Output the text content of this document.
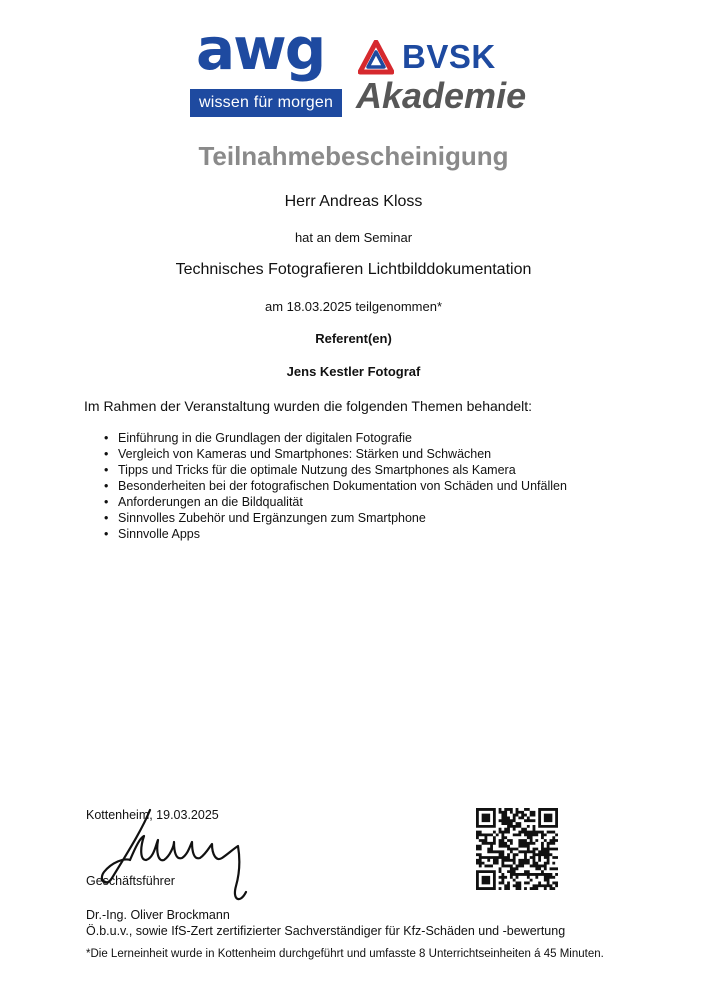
awg
wissen für morgen
BVSK
Akademie
Teilnahmebescheinigung
Herr Andreas Kloss
hat an dem Seminar
Technisches Fotografieren Lichtbilddokumentation
am 18.03.2025 teilgenommen*
Referent(en)
Jens Kestler Fotograf
Im Rahmen der Veranstaltung wurden die folgenden Themen behandelt:
• Einführung in die Grundlagen der digitalen Fotografie
• Vergleich von Kameras und Smartphones: Stärken und Schwächen
• Tipps und Tricks für die optimale Nutzung des Smartphones als Kamera
• Besonderheiten bei der fotografischen Dokumentation von Schäden und Unfällen
• Anforderungen an die Bildqualität
• Sinnvolles Zubehör und Ergänzungen zum Smartphone
• Sinnvolle Apps
Kottenheim, 19.03.2025
Geschäftsführer
Dr.-Ing. Oliver Brockmann
Ö.b.u.v., sowie IfS-Zert zertifizierter Sachverständiger für Kfz-Schäden und -bewertung
*Die Lerneinheit wurde in Kottenheim durchgeführt und umfasste 8 Unterrichtseinheiten á 45 Minuten.
